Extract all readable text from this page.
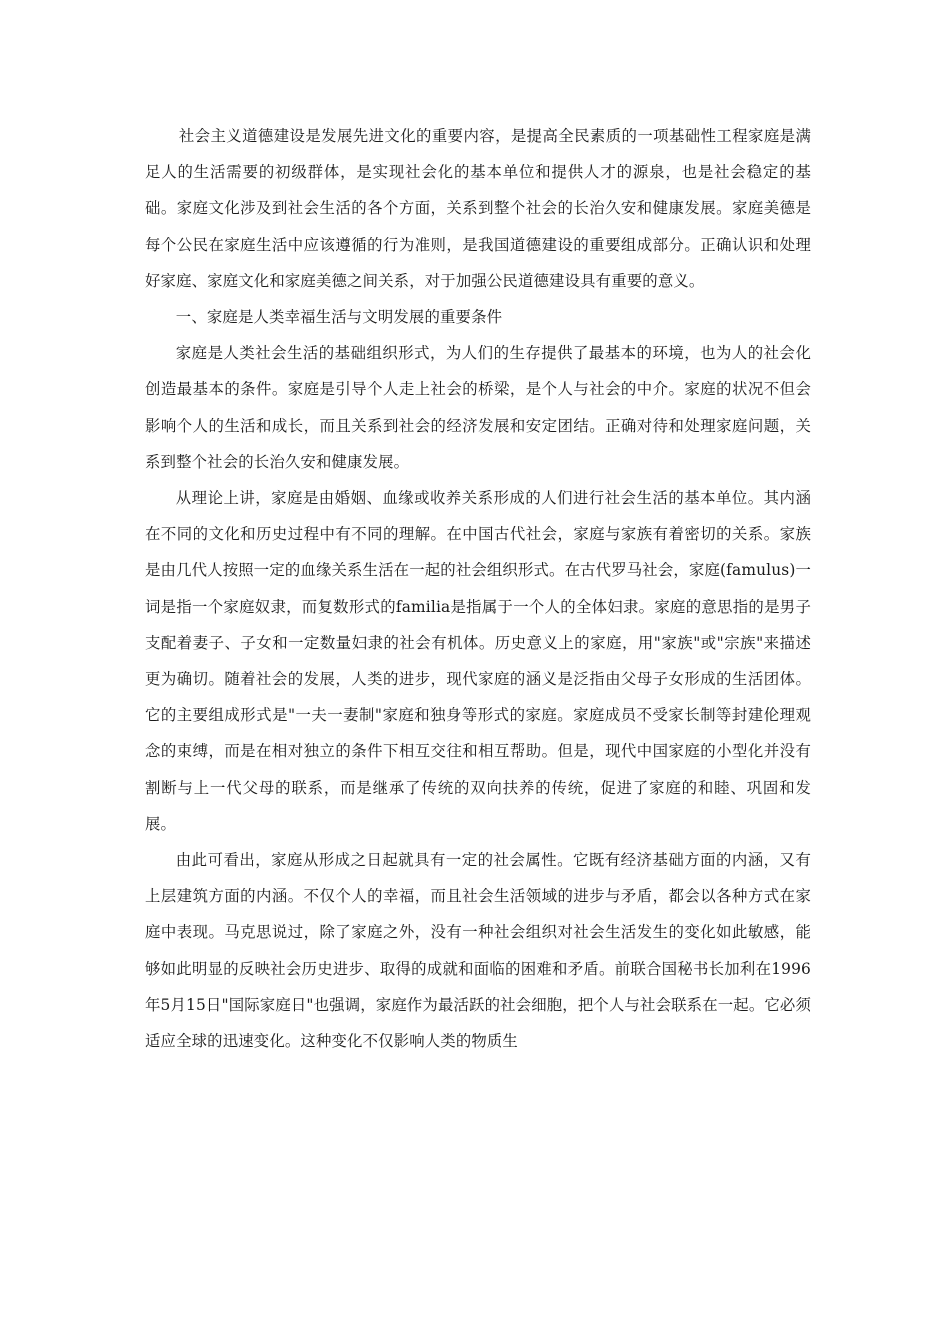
社会主义道德建设是发展先进文化的重要内容，是提高全民素质的一项基础性工程家庭是满足人的生活需要的初级群体，是实现社会化的基本单位和提供人才的源泉，也是社会稳定的基础。家庭文化涉及到社会生活的各个方面，关系到整个社会的长治久安和健康发展。家庭美德是每个公民在家庭生活中应该遵循的行为准则，是我国道德建设的重要组成部分。正确认识和处理好家庭、家庭文化和家庭美德之间关系，对于加强公民道德建设具有重要的意义。

一、家庭是人类幸福生活与文明发展的重要条件

家庭是人类社会生活的基础组织形式，为人们的生存提供了最基本的环境，也为人的社会化创造最基本的条件。家庭是引导个人走上社会的桥梁，是个人与社会的中介。家庭的状况不但会影响个人的生活和成长，而且关系到社会的经济发展和安定团结。正确对待和处理家庭问题，关系到整个社会的长治久安和健康发展。

从理论上讲，家庭是由婚姻、血缘或收养关系形成的人们进行社会生活的基本单位。其内涵在不同的文化和历史过程中有不同的理解。在中国古代社会，家庭与家族有着密切的关系。家族是由几代人按照一定的血缘关系生活在一起的社会组织形式。在古代罗马社会，家庭(famulus)一词是指一个家庭奴隶，而复数形式的familia是指属于一个人的全体妇隶。家庭的意思指的是男子支配着妻子、子女和一定数量妇隶的社会有机体。历史意义上的家庭，用"家族"或"宗族"来描述更为确切。随着社会的发展，人类的进步，现代家庭的涵义是泛指由父母子女形成的生活团体。它的主要组成形式是"一夫一妻制"家庭和独身等形式的家庭。家庭成员不受家长制等封建伦理观念的束缚，而是在相对独立的条件下相互交往和相互帮助。但是，现代中国家庭的小型化并没有割断与上一代父母的联系，而是继承了传统的双向扶养的传统，促进了家庭的和睦、巩固和发展。

由此可看出，家庭从形成之日起就具有一定的社会属性。它既有经济基础方面的内涵，又有上层建筑方面的内涵。不仅个人的幸福，而且社会生活领域的进步与矛盾，都会以各种方式在家庭中表现。马克思说过，除了家庭之外，没有一种社会组织对社会生活发生的变化如此敏感，能够如此明显的反映社会历史进步、取得的成就和面临的困难和矛盾。前联合国秘书长加利在1996年5月15日"国际家庭日"也强调，家庭作为最活跃的社会细胞，把个人与社会联系在一起。它必须适应全球的迅速变化。这种变化不仅影响人类的物质生
